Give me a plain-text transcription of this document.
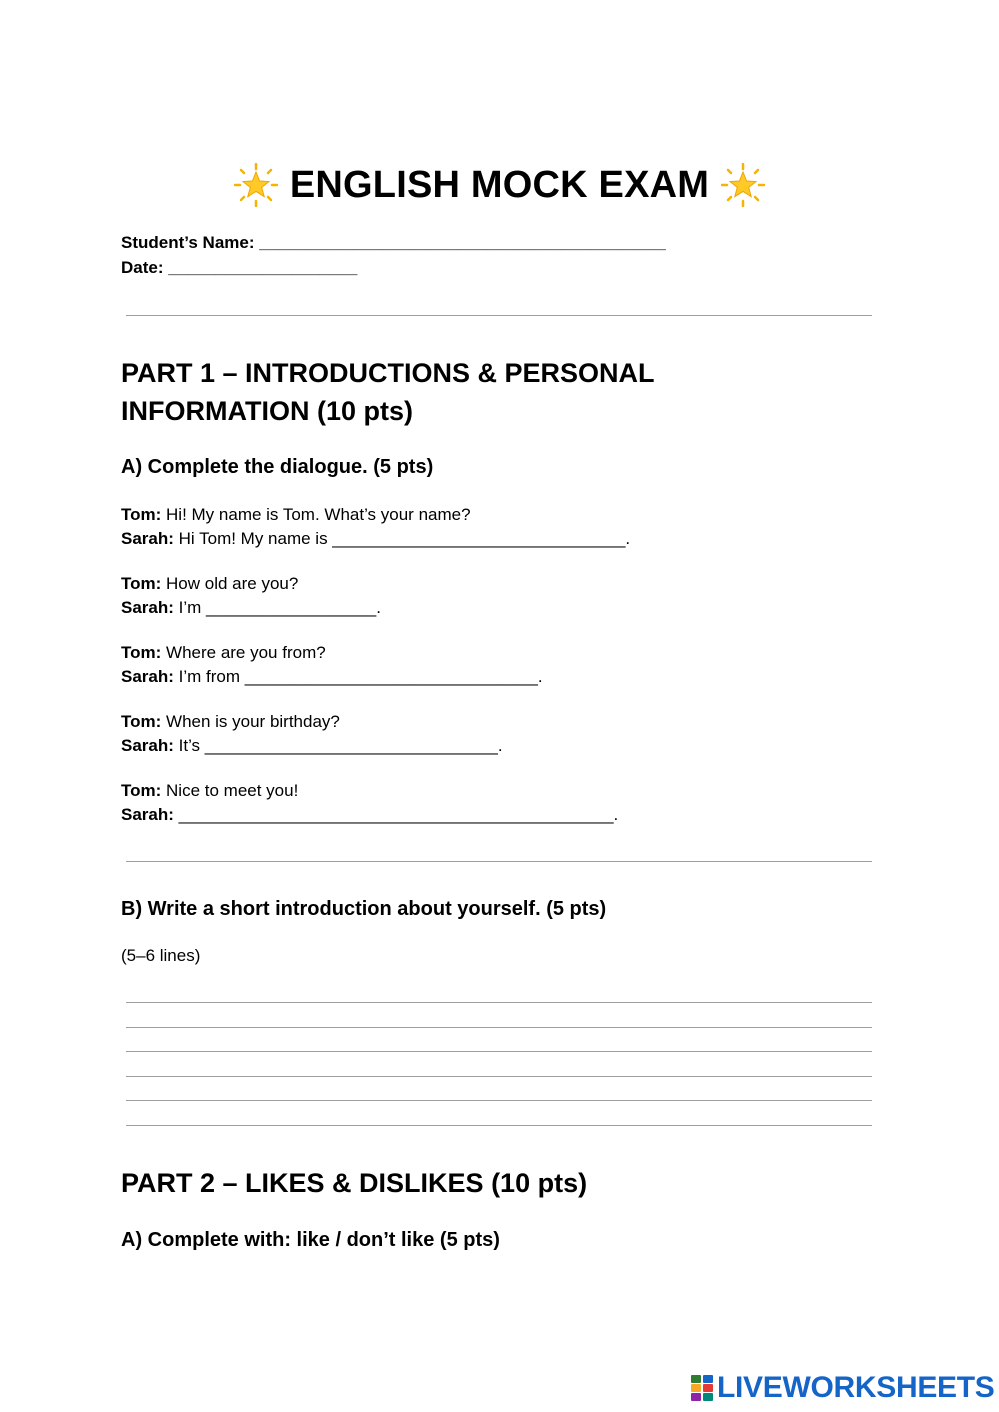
ENGLISH MOCK EXAM
Student’s Name: ___________________________________________
Date: ____________________
PART 1 – INTRODUCTIONS & PERSONAL
INFORMATION (10 pts)
A) Complete the dialogue. (5 pts)
Tom: Hi! My name is Tom. What’s your name?
Sarah: Hi Tom! My name is _______________________________.
Tom: How old are you?
Sarah: I’m __________________.
Tom: Where are you from?
Sarah: I’m from _______________________________.
Tom: When is your birthday?
Sarah: It’s _______________________________.
Tom: Nice to meet you!
Sarah: ______________________________________________.
B) Write a short introduction about yourself. (5 pts)
(5–6 lines)
PART 2 – LIKES & DISLIKES (10 pts)
A) Complete with: like / don’t like (5 pts)
LIVEWORKSHEETS
